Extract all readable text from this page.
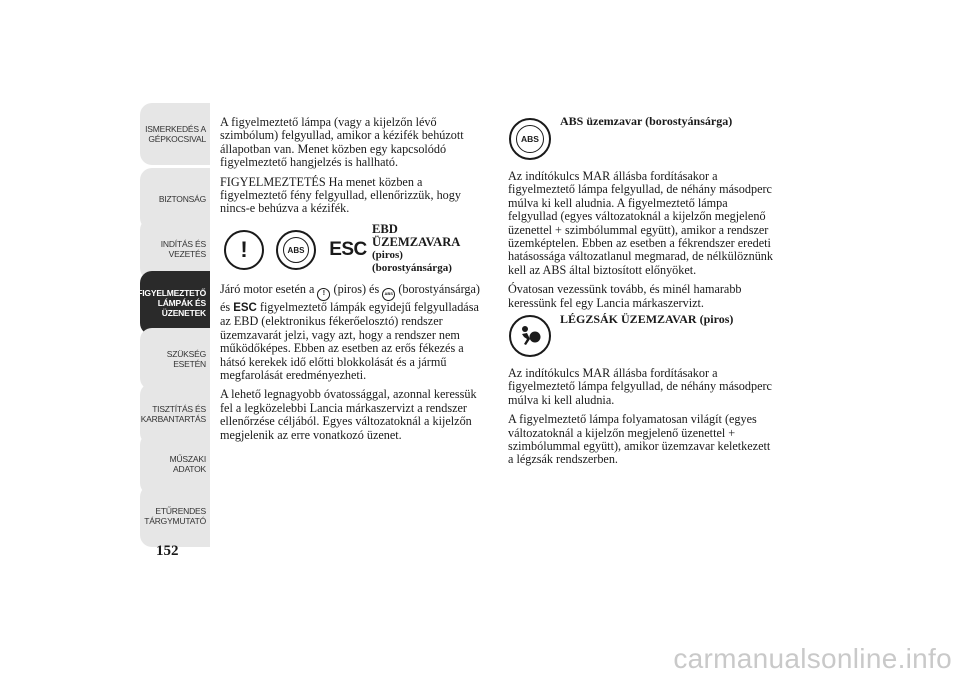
ISMERKEDÉS A
GÉPKOCSIVAL
BIZTONSÁG
INDÍTÁS ÉS
VEZETÉS
FIGYELMEZTETŐ
LÁMPÁK ÉS
ÜZENETEK
SZÜKSÉG ESETÉN
TISZTÍTÁS ÉS
KARBANTARTÁS
MŰSZAKI ADATOK
ETŰRENDES
TÁRGYMUTATÓ
152

A figyelmeztető lámpa (vagy a kijelzőn lévő szimbólum) felgyullad, amikor a kézifék behúzott állapotban van. Menet közben egy kapcsolódó figyelmeztető hangjelzés is hallható.

FIGYELMEZTETÉS Ha menet közben a figyelmeztető fény felgyullad, ellenőrizzük, hogy nincs-e behúzva a kézifék.

!	ABS ESC
EBD
ÜZEMZAVARA
(piros)
(borostyánsárga)

Járó motor esetén a ! (piros) és ABS (borostyánsárga) és ESC figyelmeztető lámpák egyidejű felgyulladása az EBD (elektronikus fékerőelosztó) rendszer üzemzavarát jelzi, vagy azt, hogy a rendszer nem működőképes. Ebben az esetben az erős fékezés a hátsó kerekek idő előtti blokkolását és a jármű megfarolását eredményezheti.

A lehető legnagyobb óvatossággal, azonnal keressük fel a legközelebbi Lancia márkaszervizt a rendszer ellenőrzése céljából. Egyes változatoknál a kijelzőn megjelenik az erre vonatkozó üzenet.

ABS
ABS üzemzavar (borostyánsárga)

Az indítókulcs MAR állásba fordításakor a figyelmeztető lámpa felgyullad, de néhány másodperc múlva ki kell aludnia. A figyelmeztető lámpa felgyullad (egyes változatoknál a kijelzőn megjelenő üzenettel + szimbólummal együtt), amikor a rendszer üzemképtelen. Ebben az esetben a fékrendszer eredeti hatásossága változatlanul megmarad, de nélkülöznünk kell az ABS által biztosított előnyöket.

Óvatosan vezessünk tovább, és minél hamarabb keressünk fel egy Lancia márkaszervizt.

LÉGZSÁK ÜZEMZAVAR (piros)

Az indítókulcs MAR állásba fordításakor a figyelmeztető lámpa felgyullad, de néhány másodperc múlva ki kell aludnia.

A figyelmeztető lámpa folyamatosan világít (egyes változatoknál a kijelzőn megjelenő üzenettel + szimbólummal együtt), amikor üzemzavar keletkezett a légzsák rendszerben.

carmanualsonline.info
